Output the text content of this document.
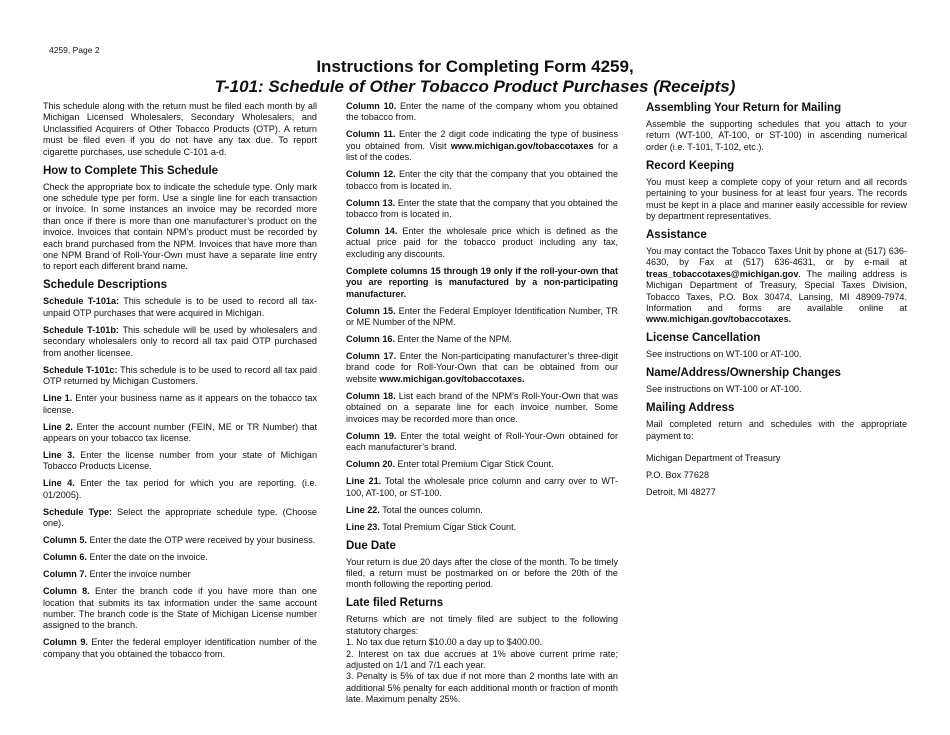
4259, Page 2
Instructions for Completing Form 4259,
T-101: Schedule of Other Tobacco Product Purchases (Receipts)

This schedule along with the return must be filed each month by all Michigan Licensed Wholesalers, Secondary Wholesalers, and Unclassified Acquirers of Other Tobacco Products (OTP). A return must be filed even if you do not have any tax due. To report cigarette purchases, use schedule C-101 a-d.

How to Complete This Schedule

Check the appropriate box to indicate the schedule type. Only mark one schedule type per form. Use a single line for each transaction or invoice. In some instances an invoice may be recorded more than once if there is more than one manufacturer’s product on the invoice. Invoices that contain NPM’s product must be recorded by each brand purchased from the NPM. Invoices that have more than one NPM Brand of Roll-Your-Own must have a separate line entry to report each different brand name.

Schedule Descriptions

Schedule T-101a: This schedule is to be used to record all tax-unpaid OTP purchases that were acquired in Michigan.

Schedule T-101b: This schedule will be used by wholesalers and secondary wholesalers only to record all tax paid OTP purchased from another licensee.

Schedule T-101c: This schedule is to be used to record all tax paid OTP returned by Michigan Customers.

Line 1. Enter your business name as it appears on the tobacco tax license.

Line 2. Enter the account number (FEIN, ME or TR Number) that appears on your tobacco tax license.

Line 3. Enter the license number from your state of Michigan Tobacco Products License.

Line 4. Enter the tax period for which you are reporting. (i.e. 01/2005).

Schedule Type: Select the appropriate schedule type. (Choose one).

Column 5. Enter the date the OTP were received by your business.

Column 6. Enter the date on the invoice.

Column 7. Enter the invoice number

Column 8. Enter the branch code if you have more than one location that submits its tax information under the same account number. The branch code is the State of Michigan License number assigned to the branch.

Column 9. Enter the federal employer identification number of the company that you obtained the tobacco from.

Column 10. Enter the name of the company whom you obtained the tobacco from.

Column 11. Enter the 2 digit code indicating the type of business you obtained from. Visit www.michigan.gov/tobaccotaxes for a list of the codes.

Column 12. Enter the city that the company that you obtained the tobacco from is located in.

Column 13. Enter the state that the company that you obtained the tobacco from is located in.

Column 14. Enter the wholesale price which is defined as the actual price paid for the tobacco product including any tax, excluding any discounts.

Complete columns 15 through 19 only if the roll-your-own that you are reporting is manufactured by a non-participating manufacturer.

Column 15. Enter the Federal Employer Identification Number, TR or ME Number of the NPM.

Column 16. Enter the Name of the NPM.

Column 17. Enter the Non-participating manufacturer’s three-digit brand code for Roll-Your-Own that can be obtained from our website www.michigan.gov/tobaccotaxes.

Column 18. List each brand of the NPM’s Roll-Your-Own that was obtained on a separate line for each invoice number. Some invoices may be recorded more than once.

Column 19. Enter the total weight of Roll-Your-Own obtained for each manufacturer’s brand.

Column 20. Enter total Premium Cigar Stick Count.

Line 21. Total the wholesale price column and carry over to WT-100, AT-100, or ST-100.

Line 22. Total the ounces column.

Line 23. Total Premium Cigar Stick Count.

Due Date

Your return is due 20 days after the close of the month. To be timely filed, a return must be postmarked on or before the 20th of the month following the reporting period.

Late filed Returns

Returns which are not timely filed are subject to the following statutory charges:

1. No tax due return $10.00 a day up to $400.00.

2. Interest on tax due accrues at 1% above current prime rate; adjusted on 1/1 and 7/1 each year.

3. Penalty is 5% of tax due if not more than 2 months late with an additional 5% penalty for each additional month or fraction of month late. Maximum penalty 25%.

Assembling Your Return for Mailing

Assemble the supporting schedules that you attach to your return (WT-100, AT-100, or ST-100) in ascending numerical order (i.e. T-101, T-102, etc.).

Record Keeping

You must keep a complete copy of your return and all records pertaining to your business for at least four years. The records must be kept in a place and manner easily accessible for review by department representatives.

Assistance

You may contact the Tobacco Taxes Unit by phone at (517) 636-4630, by Fax at (517) 636-4631, or by e-mail at treas_tobaccotaxes@michigan.gov. The mailing address is Michigan Department of Treasury, Special Taxes Division, Tobacco Taxes, P.O. Box 30474, Lansing, MI 48909-7974. Information and forms are available online at www.michigan.gov/tobaccotaxes.

License Cancellation

See instructions on WT-100 or AT-100.

Name/Address/Ownership Changes

See instructions on WT-100 or AT-100.

Mailing Address

Mail completed return and schedules with the appropriate payment to:

Michigan Department of Treasury

P.O. Box 77628

Detroit, MI 48277
